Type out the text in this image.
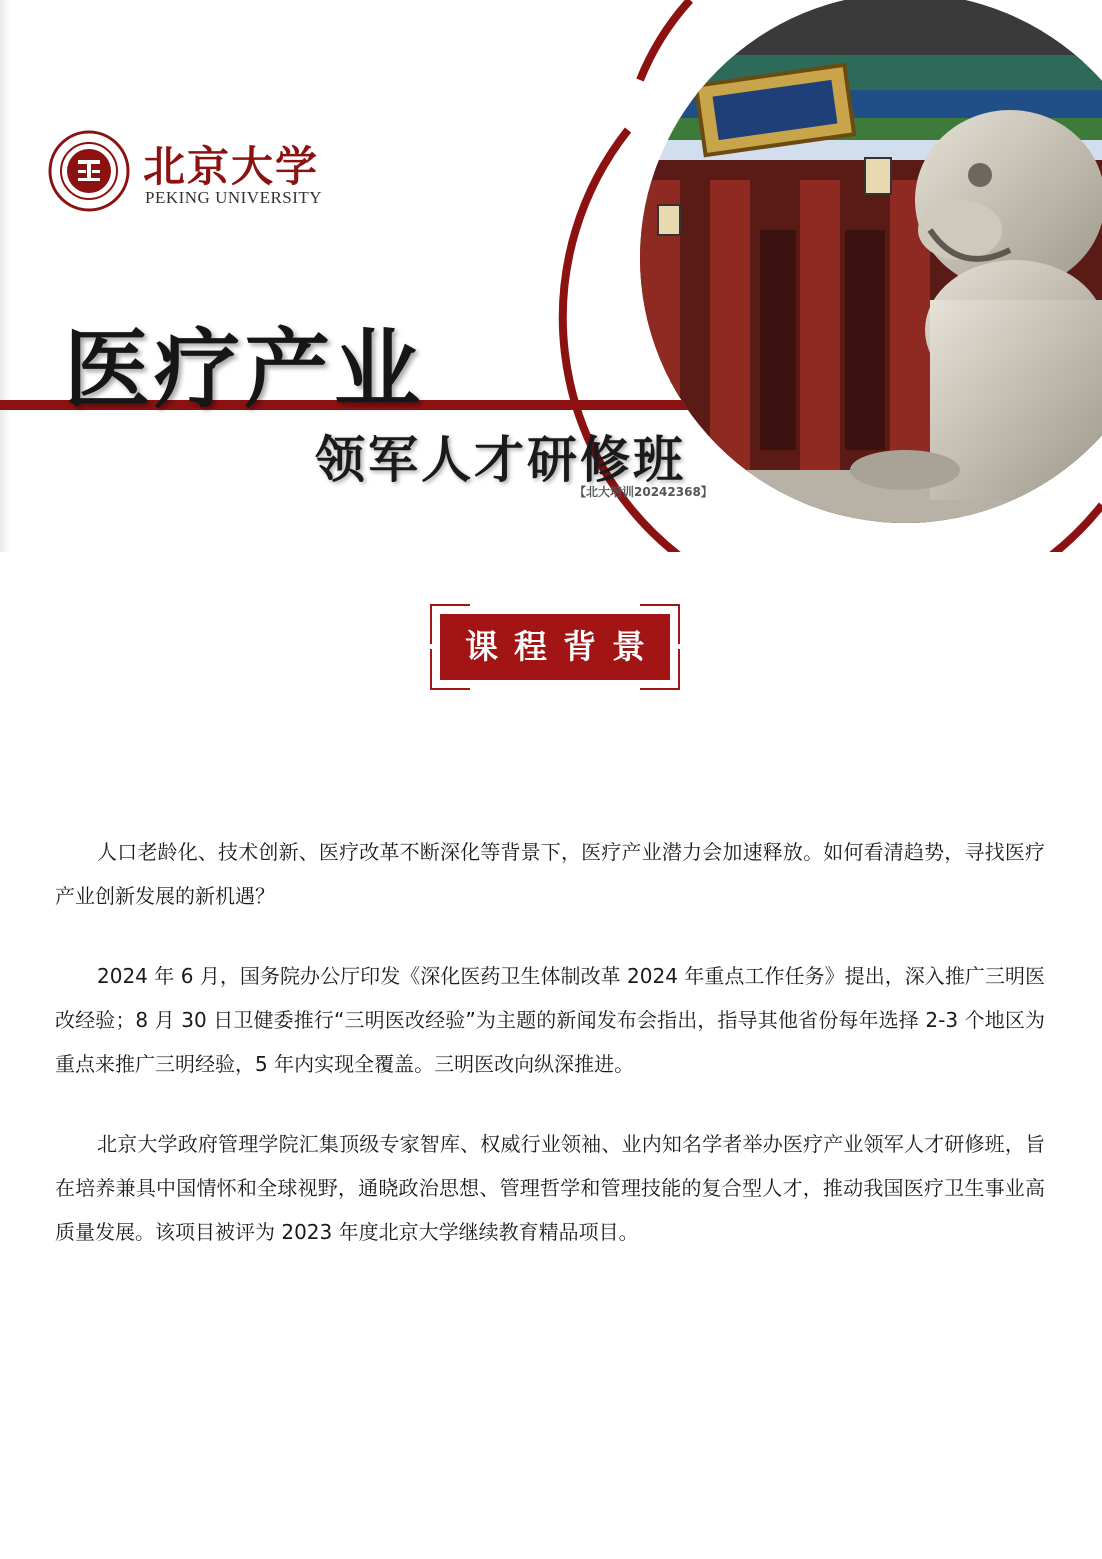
北京大学
PEKING UNIVERSITY
医疗产业
领军人才研修班
【北大培训20242368】
课程背景

人口老龄化、技术创新、医疗改革不断深化等背景下，医疗产业潜力会加速释放。如何看清趋势，寻找医疗产业创新发展的新机遇？

2024 年 6 月，国务院办公厅印发《深化医药卫生体制改革 2024 年重点工作任务》提出，深入推广三明医改经验；8 月 30 日卫健委推行“三明医改经验”为主题的新闻发布会指出，指导其他省份每年选择 2-3 个地区为重点来推广三明经验，5 年内实现全覆盖。三明医改向纵深推进。

北京大学政府管理学院汇集顶级专家智库、权威行业领袖、业内知名学者举办医疗产业领军人才研修班，旨在培养兼具中国情怀和全球视野，通晓政治思想、管理哲学和管理技能的复合型人才，推动我国医疗卫生事业高质量发展。该项目被评为 2023 年度北京大学继续教育精品项目。
